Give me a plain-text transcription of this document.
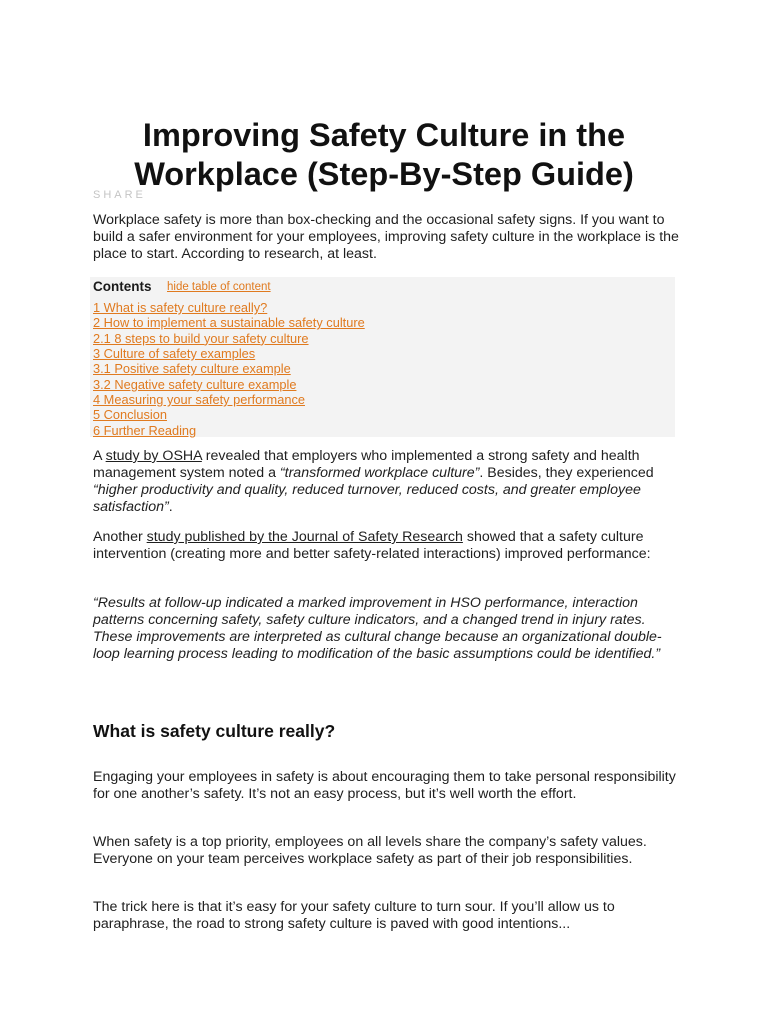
Improving Safety Culture in the Workplace (Step-By-Step Guide)
SHARE

Workplace safety is more than box-checking and the occasional safety signs. If you want to build a safer environment for your employees, improving safety culture in the workplace is the place to start. According to research, at least.

Contents hide table of content
1 What is safety culture really?
2 How to implement a sustainable safety culture
2.1 8 steps to build your safety culture
3 Culture of safety examples
3.1 Positive safety culture example
3.2 Negative safety culture example
4 Measuring your safety performance
5 Conclusion
6 Further Reading

A study by OSHA revealed that employers who implemented a strong safety and health management system noted a “transformed workplace culture”. Besides, they experienced “higher productivity and quality, reduced turnover, reduced costs, and greater employee satisfaction”.

Another study published by the Journal of Safety Research showed that a safety culture intervention (creating more and better safety-related interactions) improved performance:

“Results at follow-up indicated a marked improvement in HSO performance, interaction patterns concerning safety, safety culture indicators, and a changed trend in injury rates. These improvements are interpreted as cultural change because an organizational double-loop learning process leading to modification of the basic assumptions could be identified.”

What is safety culture really?

Engaging your employees in safety is about encouraging them to take personal responsibility for one another’s safety. It’s not an easy process, but it’s well worth the effort.

When safety is a top priority, employees on all levels share the company’s safety values. Everyone on your team perceives workplace safety as part of their job responsibilities.

The trick here is that it’s easy for your safety culture to turn sour. If you’ll allow us to paraphrase, the road to strong safety culture is paved with good intentions...
